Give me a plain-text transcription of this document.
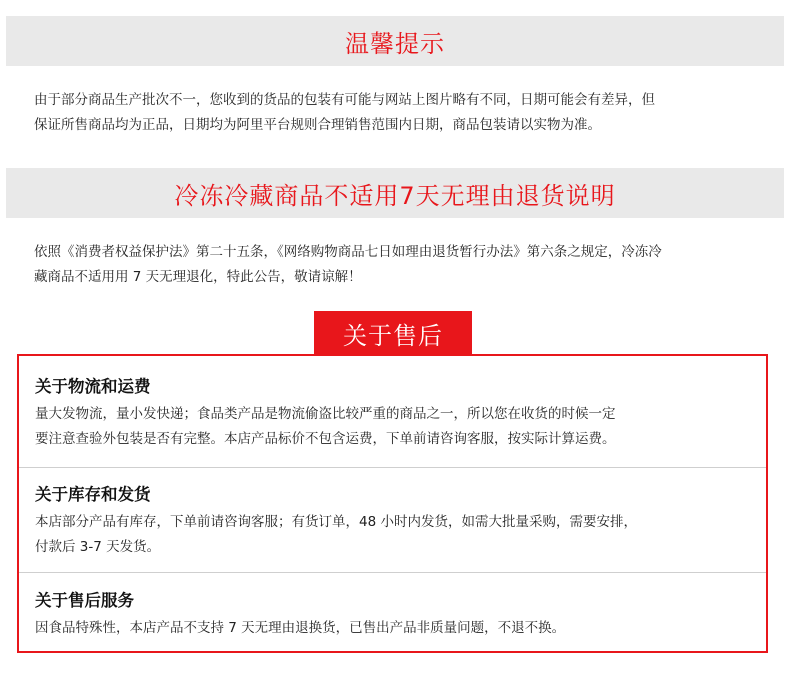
温馨提示

由于部分商品生产批次不一，您收到的货品的包装有可能与网站上图片略有不同，日期可能会有差异，但
保证所售商品均为正品，日期均为阿里平台规则合理销售范围内日期，商品包装请以实物为准。

冷冻冷藏商品不适用7天无理由退货说明

依照《消费者权益保护法》第二十五条，《网络购物商品七日如理由退货暂行办法》第六条之规定，冷冻冷
藏商品不适用用 7 天无理退化，特此公告，敬请谅解！

关于物流和运费
量大发物流，量小发快递；食品类产品是物流偷盗比较严重的商品之一，所以您在收货的时候一定
要注意查验外包装是否有完整。本店产品标价不包含运费，下单前请咨询客服，按实际计算运费。
关于库存和发货
本店部分产品有库存，下单前请咨询客服；有货订单，48 小时内发货，如需大批量采购，需要安排，
付款后 3-7 天发货。
关于售后服务
因食品特殊性，本店产品不支持 7 天无理由退换货，已售出产品非质量问题，不退不换。
关于售后
